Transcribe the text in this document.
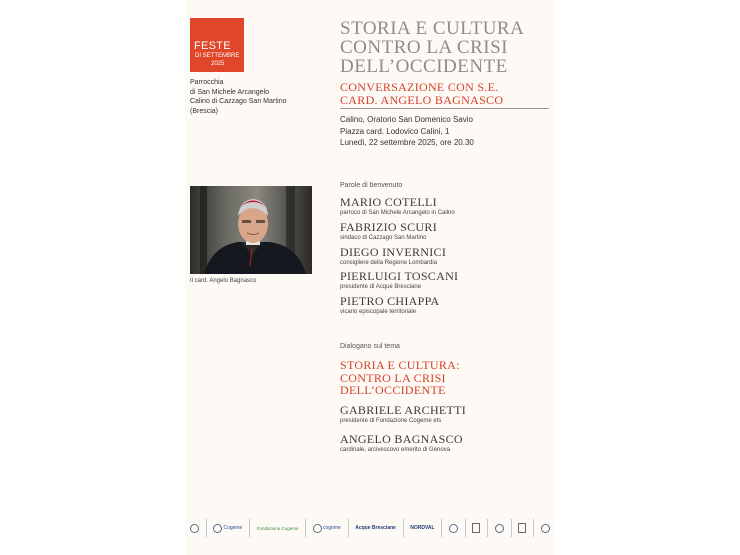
FESTE
DI SETTEMBRE
2025
Parrocchia
di San Michele Arcangelo
Calino di Cazzago San Martino
(Brescia)
STORIA E CULTURA
CONTRO LA CRISI
DELL’OCCIDENTE
CONVERSAZIONE CON S.E.
CARD. ANGELO BAGNASCO
Calino, Oratorio San Domenico Savio
Piazza card. Lodovico Calini, 1
Lunedì, 22 settembre 2025, ore 20.30
Il card. Angelo Bagnasco
Parole di benvenuto
MARIO COTELLI
parroco di San Michele Arcangelo in Calino
FABRIZIO SCURI
sindaco di Cazzago San Martino
DIEGO INVERNICI
consigliere della Regione Lombardia
PIERLUIGI TOSCANI
presidente di Acque Bresciane
PIETRO CHIAPPA
vicario episcopale territoriale
Dialogano sul tema
STORIA E CULTURA:
CONTRO LA CRISI
DELL’OCCIDENTE
GABRIELE ARCHETTI
presidente di Fondazione Cogeme ets
ANGELO BAGNASCO
cardinale, arcivescovo emerito di Genova
Cogeme	Fondazione Cogeme	cogeme	Acque Bresciane	NORDVAL
